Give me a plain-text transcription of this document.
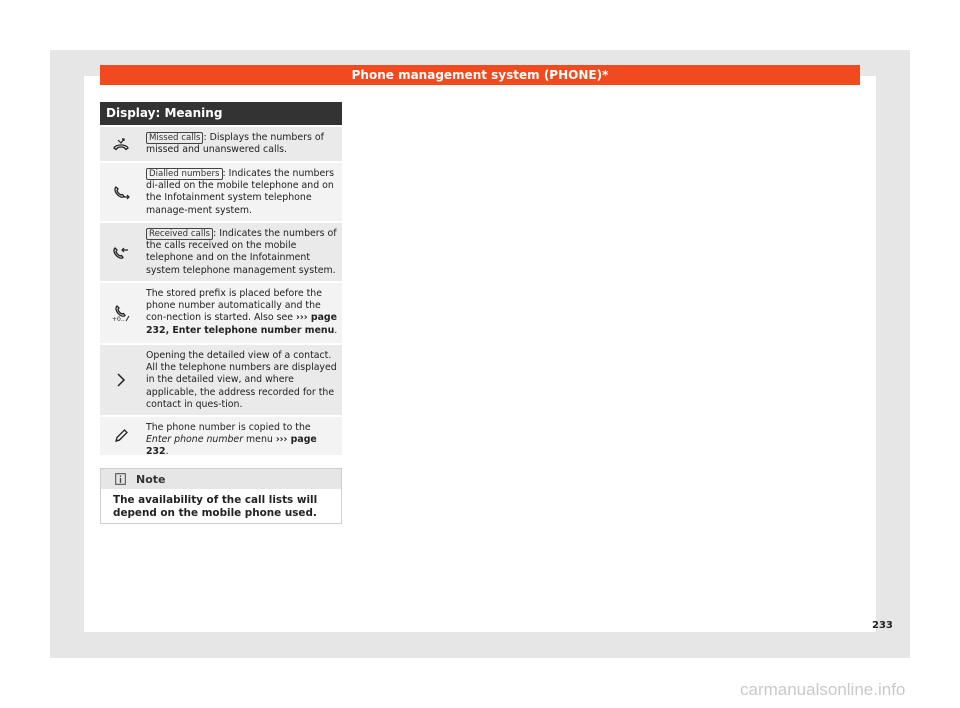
Phone management system (PHONE)*
Display: Meaning
Missed calls : Displays the numbers of missed and unanswered calls.
Dialled numbers : Indicates the numbers di-alled on the mobile telephone and on the Infotainment system telephone manage-ment system.
Received calls : Indicates the numbers of the calls received on the mobile telephone and on the Infotainment system telephone management system.
+0..
The stored prefix is placed before the phone number automatically and the con-nection is started. Also see ››› page 232, Enter telephone number menu.
Opening the detailed view of a contact. All the telephone numbers are displayed in the detailed view, and where applicable, the address recorded for the contact in ques-tion.
The phone number is copied to the Enter phone number menu ››› page 232.
Note
The availability of the call lists will depend on the mobile phone used.
233
carmanualsonline.info
